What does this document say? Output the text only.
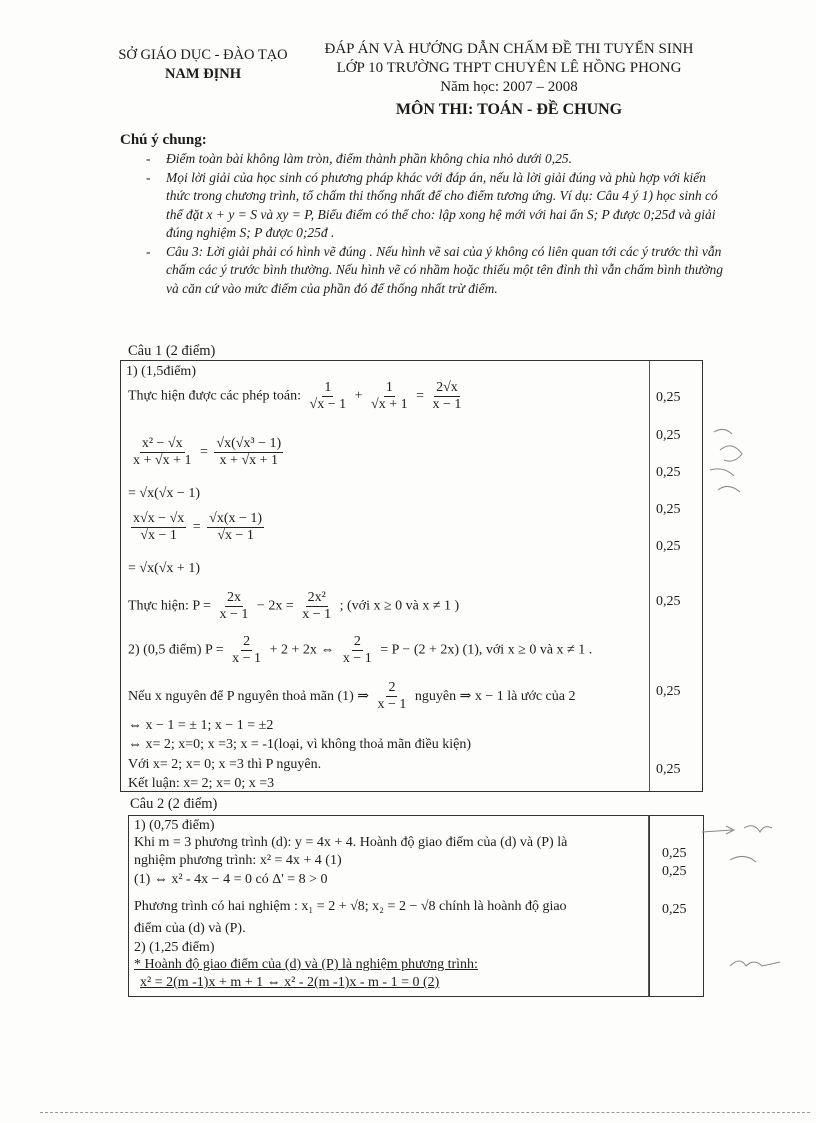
SỞ GIÁO DỤC - ĐÀO TẠO
NAM ĐỊNH
ĐÁP ÁN VÀ HƯỚNG DẪN CHẤM ĐỀ THI TUYỂN SINH
LỚP 10 TRƯỜNG THPT CHUYÊN LÊ HỒNG PHONG
Năm học: 2007 – 2008
MÔN THI: TOÁN - ĐỀ CHUNG
Chú ý chung:
- Điểm toàn bài không làm tròn, điểm thành phần không chia nhỏ dưới 0,25.
- Mọi lời giải của học sinh có phương pháp khác với đáp án, nếu là lời giải đúng và phù hợp với kiến thức trong chương trình, tổ chấm thi thống nhất để cho điểm tương ứng. Ví dụ: Câu 4 ý 1) học sinh có thể đặt x + y = S và xy = P, Biểu điểm có thể cho: lập xong hệ mới với hai ẩn S; P được 0;25đ và giải đúng nghiệm S; P được 0;25đ .
- Câu 3: Lời giải phải có hình vẽ đúng . Nếu hình vẽ sai của ý không có liên quan tới các ý trước thì vẫn chấm các ý trước bình thường. Nếu hình vẽ có nhầm hoặc thiếu một tên đỉnh thì vẫn chấm bình thường và căn cứ vào mức điểm của phần đó để thống nhất trừ điểm.
Câu 1 (2 điểm)
1) (1,5điểm)
Thực hiện được các phép toán: $\frac{1}{√x - 1} + \frac{1}{√x + 1} = \frac{2√x}{x - 1}$
$\frac{\text{x² − √x}}{x + √x + 1} = \frac{\text{√x(√x³ − 1)}}{x + √x + 1}$
= √x(√x − 1)
$\frac{x√x - √x}{√x - 1} = \frac{√x(x - 1)}{√x - 1}$
= √x(√x + 1)
Thực hiện: $P = \frac{2x}{x - 1} - 2x = \frac{\text{2x²}}{x - 1}$ ; (với x ≥ 0 và x ≠ 1 )
2) (0,5 điểm) $P = \frac{2}{x - 1} + 2 + 2x$ ⇔ $\frac{2}{x - 1} = P - (2 + 2x)$ (1), với x ≥ 0 và x ≠ 1 .
Nếu x nguyên để P nguyên thoả mãn (1) ⇒ $\frac{2}{x - 1}$ nguyên ⇒ x − 1 là ước của 2
⇔ x − 1 = ± 1; x − 1 = ±2
⇔ x= 2; x=0; x =3; x = -1(loại, vì không thoả mãn điều kiện)
Với x= 2; x= 0; x =3 thì P nguyên.
Kết luận: x= 2; x= 0; x =3
0,25
0,25
0,25
0,25
0,25
0,25
0,25
0,25
Câu 2 (2 điểm)
1) (0,75 điểm)
Khi m = 3 phương trình (d): y = 4x + 4. Hoành độ giao điểm của (d) và (P) là
nghiệm phương trình: x² = 4x + 4 (1)
(1) ⇔ x² - 4x − 4 = 0 có Δ' = 8 > 0
Phương trình có hai nghiệm : x₁ = 2 + √8; x₂ = 2 − √8 chính là hoành độ giao
điểm của (d) và (P).
2) (1,25 điểm)
* Hoành độ giao điểm của (d) và (P) là nghiệm phương trình:
x² = 2(m -1)x + m + 1 ⇔ x² - 2(m -1)x - m - 1 = 0 (2)
0,25
0,25
0,25
